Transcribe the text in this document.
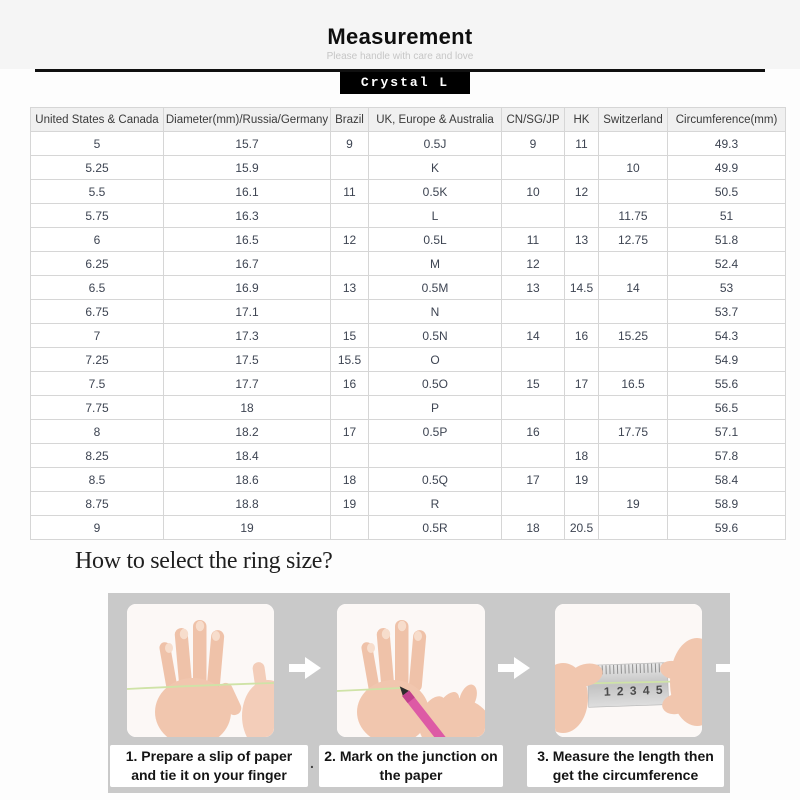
Measurement
Please handle with care and love
Crystal L
United States & Canada	Diameter(mm)/Russia/Germany	Brazil	UK, Europe & Australia	CN/SG/JP	HK	Switzerland	Circumference(mm)
5	15.7	9	0.5J	9	11		49.3
5.25	15.9		K			10	49.9
5.5	16.1	11	0.5K	10	12		50.5
5.75	16.3		L			11.75	51
6	16.5	12	0.5L	11	13	12.75	51.8
6.25	16.7		M	12			52.4
6.5	16.9	13	0.5M	13	14.5	14	53
6.75	17.1		N				53.7
7	17.3	15	0.5N	14	16	15.25	54.3
7.25	17.5	15.5	O				54.9
7.5	17.7	16	0.5O	15	17	16.5	55.6
7.75	18		P				56.5
8	18.2	17	0.5P	16		17.75	57.1
8.25	18.4				18		57.8
8.5	18.6	18	0.5Q	17	19		58.4
8.75	18.8	19	R			19	58.9
9	19		0.5R	18	20.5		59.6
How to select the ring size?
1 2 3 4 5
1. Prepare a slip of paper
and tie it on your finger
. 2. Mark on the junction on
the paper
3. Measure the length then
get the circumference
